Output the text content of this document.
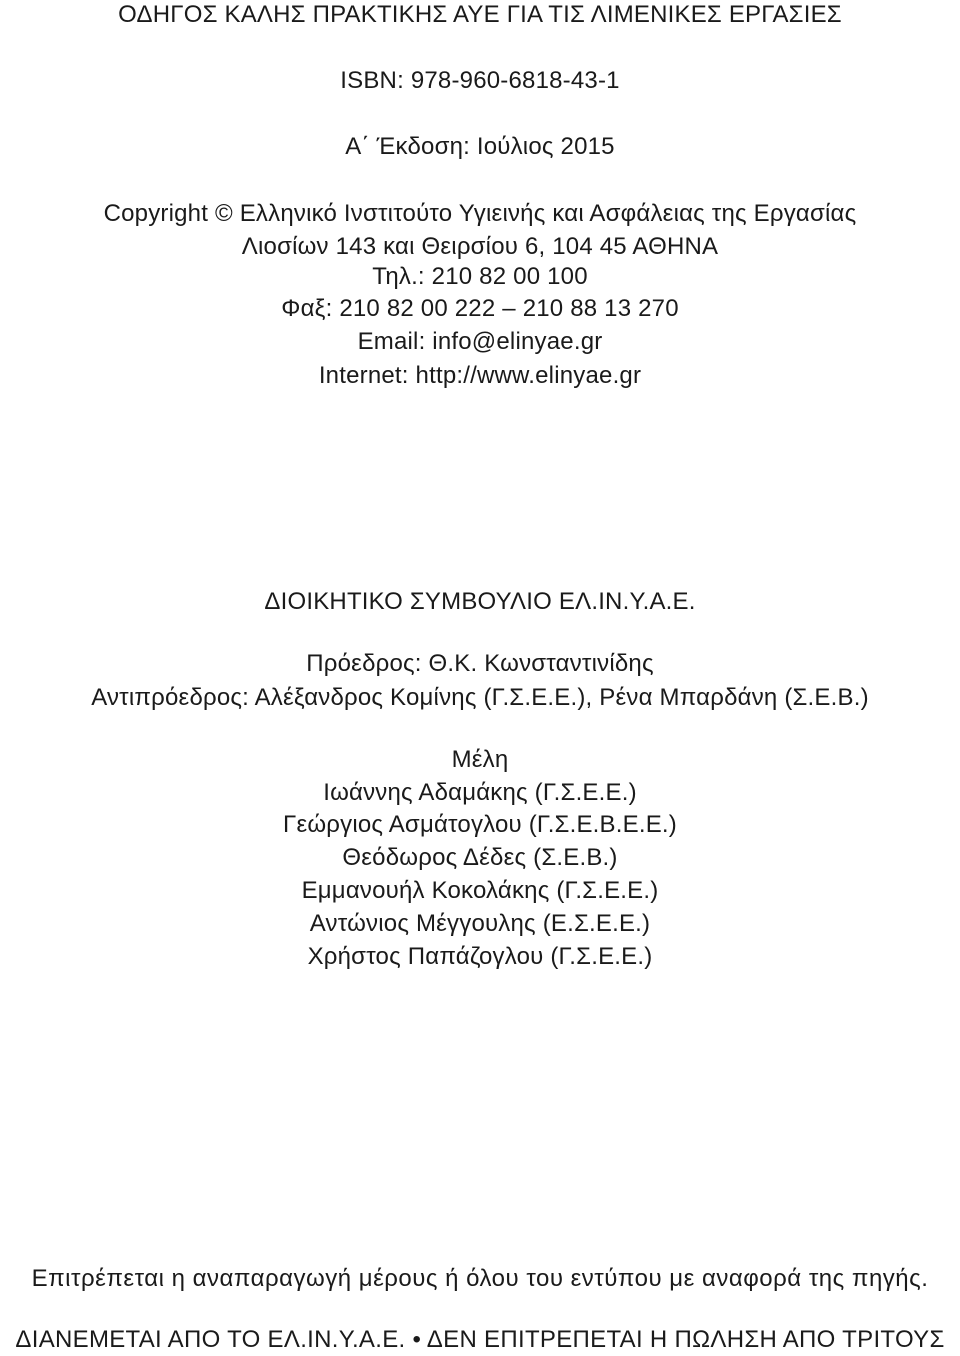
ΟΔΗΓΟΣ ΚΑΛΗΣ ΠΡΑΚΤΙΚΗΣ ΑΥΕ ΓΙΑ ΤΙΣ ΛΙΜΕΝΙΚΕΣ ΕΡΓΑΣΙΕΣ
ISBN: 978-960-6818-43-1
Α΄ Έκδοση: Ιούλιος 2015
Copyright © Ελληνικό Ινστιτούτο Υγιεινής και Ασφάλειας της Εργασίας
Λιοσίων 143 και Θειρσίου 6, 104 45 ΑΘΗΝΑ
Τηλ.: 210 82 00 100
Φαξ: 210 82 00 222 – 210 88 13 270
Email: info@elinyae.gr
Internet: http://www.elinyae.gr
ΔΙΟΙΚΗΤΙΚΟ ΣΥΜΒΟΥΛΙΟ ΕΛ.ΙΝ.Υ.Α.Ε.
Πρόεδρος: Θ.Κ. Κωνσταντινίδης
Αντιπρόεδρος: Αλέξανδρος Κομίνης (Γ.Σ.Ε.Ε.), Ρένα Μπαρδάνη (Σ.Ε.Β.)
Μέλη
Ιωάννης Αδαμάκης (Γ.Σ.Ε.Ε.)
Γεώργιος Ασμάτογλου (Γ.Σ.Ε.Β.Ε.Ε.)
Θεόδωρος Δέδες (Σ.Ε.Β.)
Εμμανουήλ Κοκολάκης (Γ.Σ.Ε.Ε.)
Αντώνιος Μέγγουλης (Ε.Σ.Ε.Ε.)
Χρήστος Παπάζογλου (Γ.Σ.Ε.Ε.)
Επιτρέπεται η αναπαραγωγή μέρους ή όλου του εντύπου με αναφορά της πηγής.
ΔΙΑΝΕΜΕΤΑΙ ΑΠΟ ΤΟ ΕΛ.ΙΝ.Υ.Α.Ε. • ΔΕΝ ΕΠΙΤΡΕΠΕΤΑΙ Η ΠΩΛΗΣΗ ΑΠΟ ΤΡΙΤΟΥΣ
